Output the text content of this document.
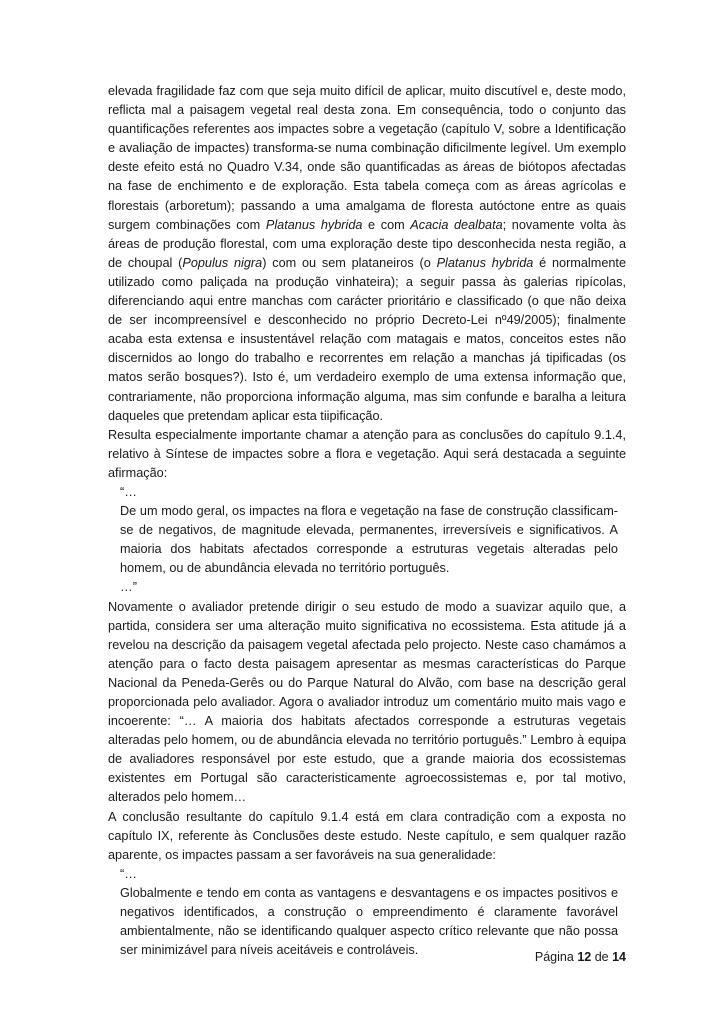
elevada fragilidade faz com que seja muito difícil de aplicar, muito discutível e, deste modo, reflicta mal a paisagem vegetal real desta zona. Em consequência, todo o conjunto das quantificações referentes aos impactes sobre a vegetação (capítulo V, sobre a Identificação e avaliação de impactes) transforma-se numa combinação dificilmente legível. Um exemplo deste efeito está no Quadro V.34, onde são quantificadas as áreas de biótopos afectadas na fase de enchimento e de exploração. Esta tabela começa com as áreas agrícolas e florestais (arboretum); passando a uma amalgama de floresta autóctone entre as quais surgem combinações com Platanus hybrida e com Acacia dealbata; novamente volta às áreas de produção florestal, com uma exploração deste tipo desconhecida nesta região, a de choupal (Populus nigra) com ou sem plataneiros (o Platanus hybrida é normalmente utilizado como paliçada na produção vinhateira); a seguir passa às galerias ripícolas, diferenciando aqui entre manchas com carácter prioritário e classificado (o que não deixa de ser incompreensível e desconhecido no próprio Decreto-Lei nº49/2005); finalmente acaba esta extensa e insustentável relação com matagais e matos, conceitos estes não discernidos ao longo do trabalho e recorrentes em relação a manchas já tipificadas (os matos serão bosques?). Isto é, um verdadeiro exemplo de uma extensa informação que, contrariamente, não proporciona informação alguma, mas sim confunde e baralha a leitura daqueles que pretendam aplicar esta tiipificação.

Resulta especialmente importante chamar a atenção para as conclusões do capítulo 9.1.4, relativo à Síntese de impactes sobre a flora e vegetação. Aqui será destacada a seguinte afirmação:

“…

De um modo geral, os impactes na flora e vegetação na fase de construção classificam-se de negativos, de magnitude elevada, permanentes, irreversíveis e significativos. A maioria dos habitats afectados corresponde a estruturas vegetais alteradas pelo homem, ou de abundância elevada no território português.

…”

Novamente o avaliador pretende dirigir o seu estudo de modo a suavizar aquilo que, a partida, considera ser uma alteração muito significativa no ecossistema. Esta atitude já a revelou na descrição da paisagem vegetal afectada pelo projecto. Neste caso chamámos a atenção para o facto desta paisagem apresentar as mesmas características do Parque Nacional da Peneda-Gerês ou do Parque Natural do Alvão, com base na descrição geral proporcionada pelo avaliador. Agora o avaliador introduz um comentário muito mais vago e incoerente: “… A maioria dos habitats afectados corresponde a estruturas vegetais alteradas pelo homem, ou de abundância elevada no território português.” Lembro à equipa de avaliadores responsável por este estudo, que a grande maioria dos ecossistemas existentes em Portugal são caracteristicamente agroecossistemas e, por tal motivo, alterados pelo homem…

A conclusão resultante do capítulo 9.1.4 está em clara contradição com a exposta no capítulo IX, referente às Conclusões deste estudo. Neste capítulo, e sem qualquer razão aparente, os impactes passam a ser favoráveis na sua generalidade:

“…

Globalmente e tendo em conta as vantagens e desvantagens e os impactes positivos e negativos identificados, a construção o empreendimento é claramente favorável ambientalmente, não se identificando qualquer aspecto crítico relevante que não possa ser minimizável para níveis aceitáveis e controláveis.	Página 12 de 14
